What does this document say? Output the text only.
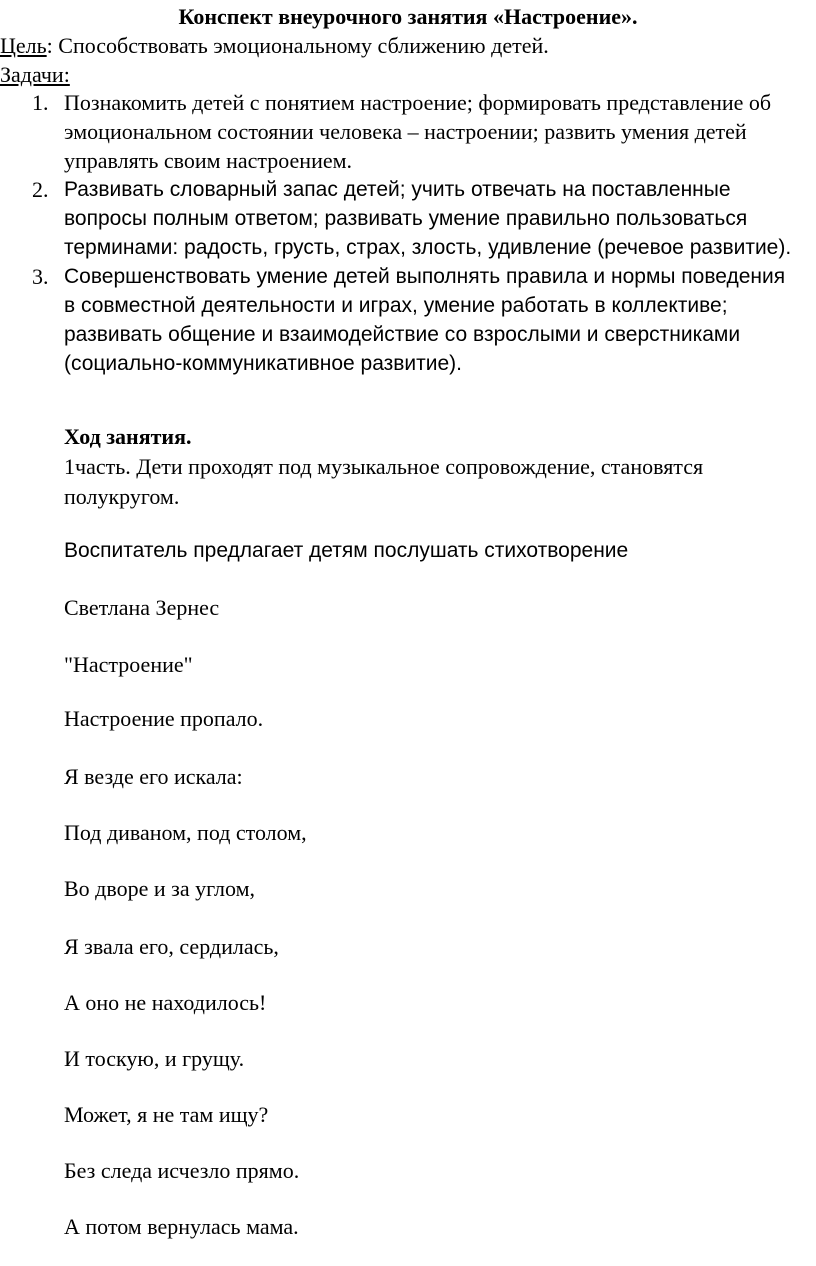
Конспект внеурочного занятия «Настроение».
Цель: Способствовать эмоциональному сближению детей.
Задачи:
1. Познакомить детей с понятием настроение; формировать представление об эмоциональном состоянии человека – настроении; развить умения детей управлять своим настроением.
2. Развивать словарный запас детей; учить отвечать на поставленные вопросы полным ответом; развивать умение правильно пользоваться терминами: радость, грусть, страх, злость, удивление (речевое развитие).
3. Совершенствовать умение детей выполнять правила и нормы поведения в совместной деятельности и играх, умение работать в коллективе; развивать общение и взаимодействие со взрослыми и сверстниками (социально-коммуникативное развитие).
Ход занятия.
1часть. Дети проходят под музыкальное сопровождение, становятся полукругом.
Воспитатель предлагает детям послушать стихотворение
Светлана Зернес
"Настроение"
Настроение пропало.
Я везде его искала:
Под диваном, под столом,
Во дворе и за углом,
Я звала его, сердилась,
А оно не находилось!
И тоскую, и грущу.
Может, я не там ищу?
Без следа исчезло прямо.
А потом вернулась мама.
